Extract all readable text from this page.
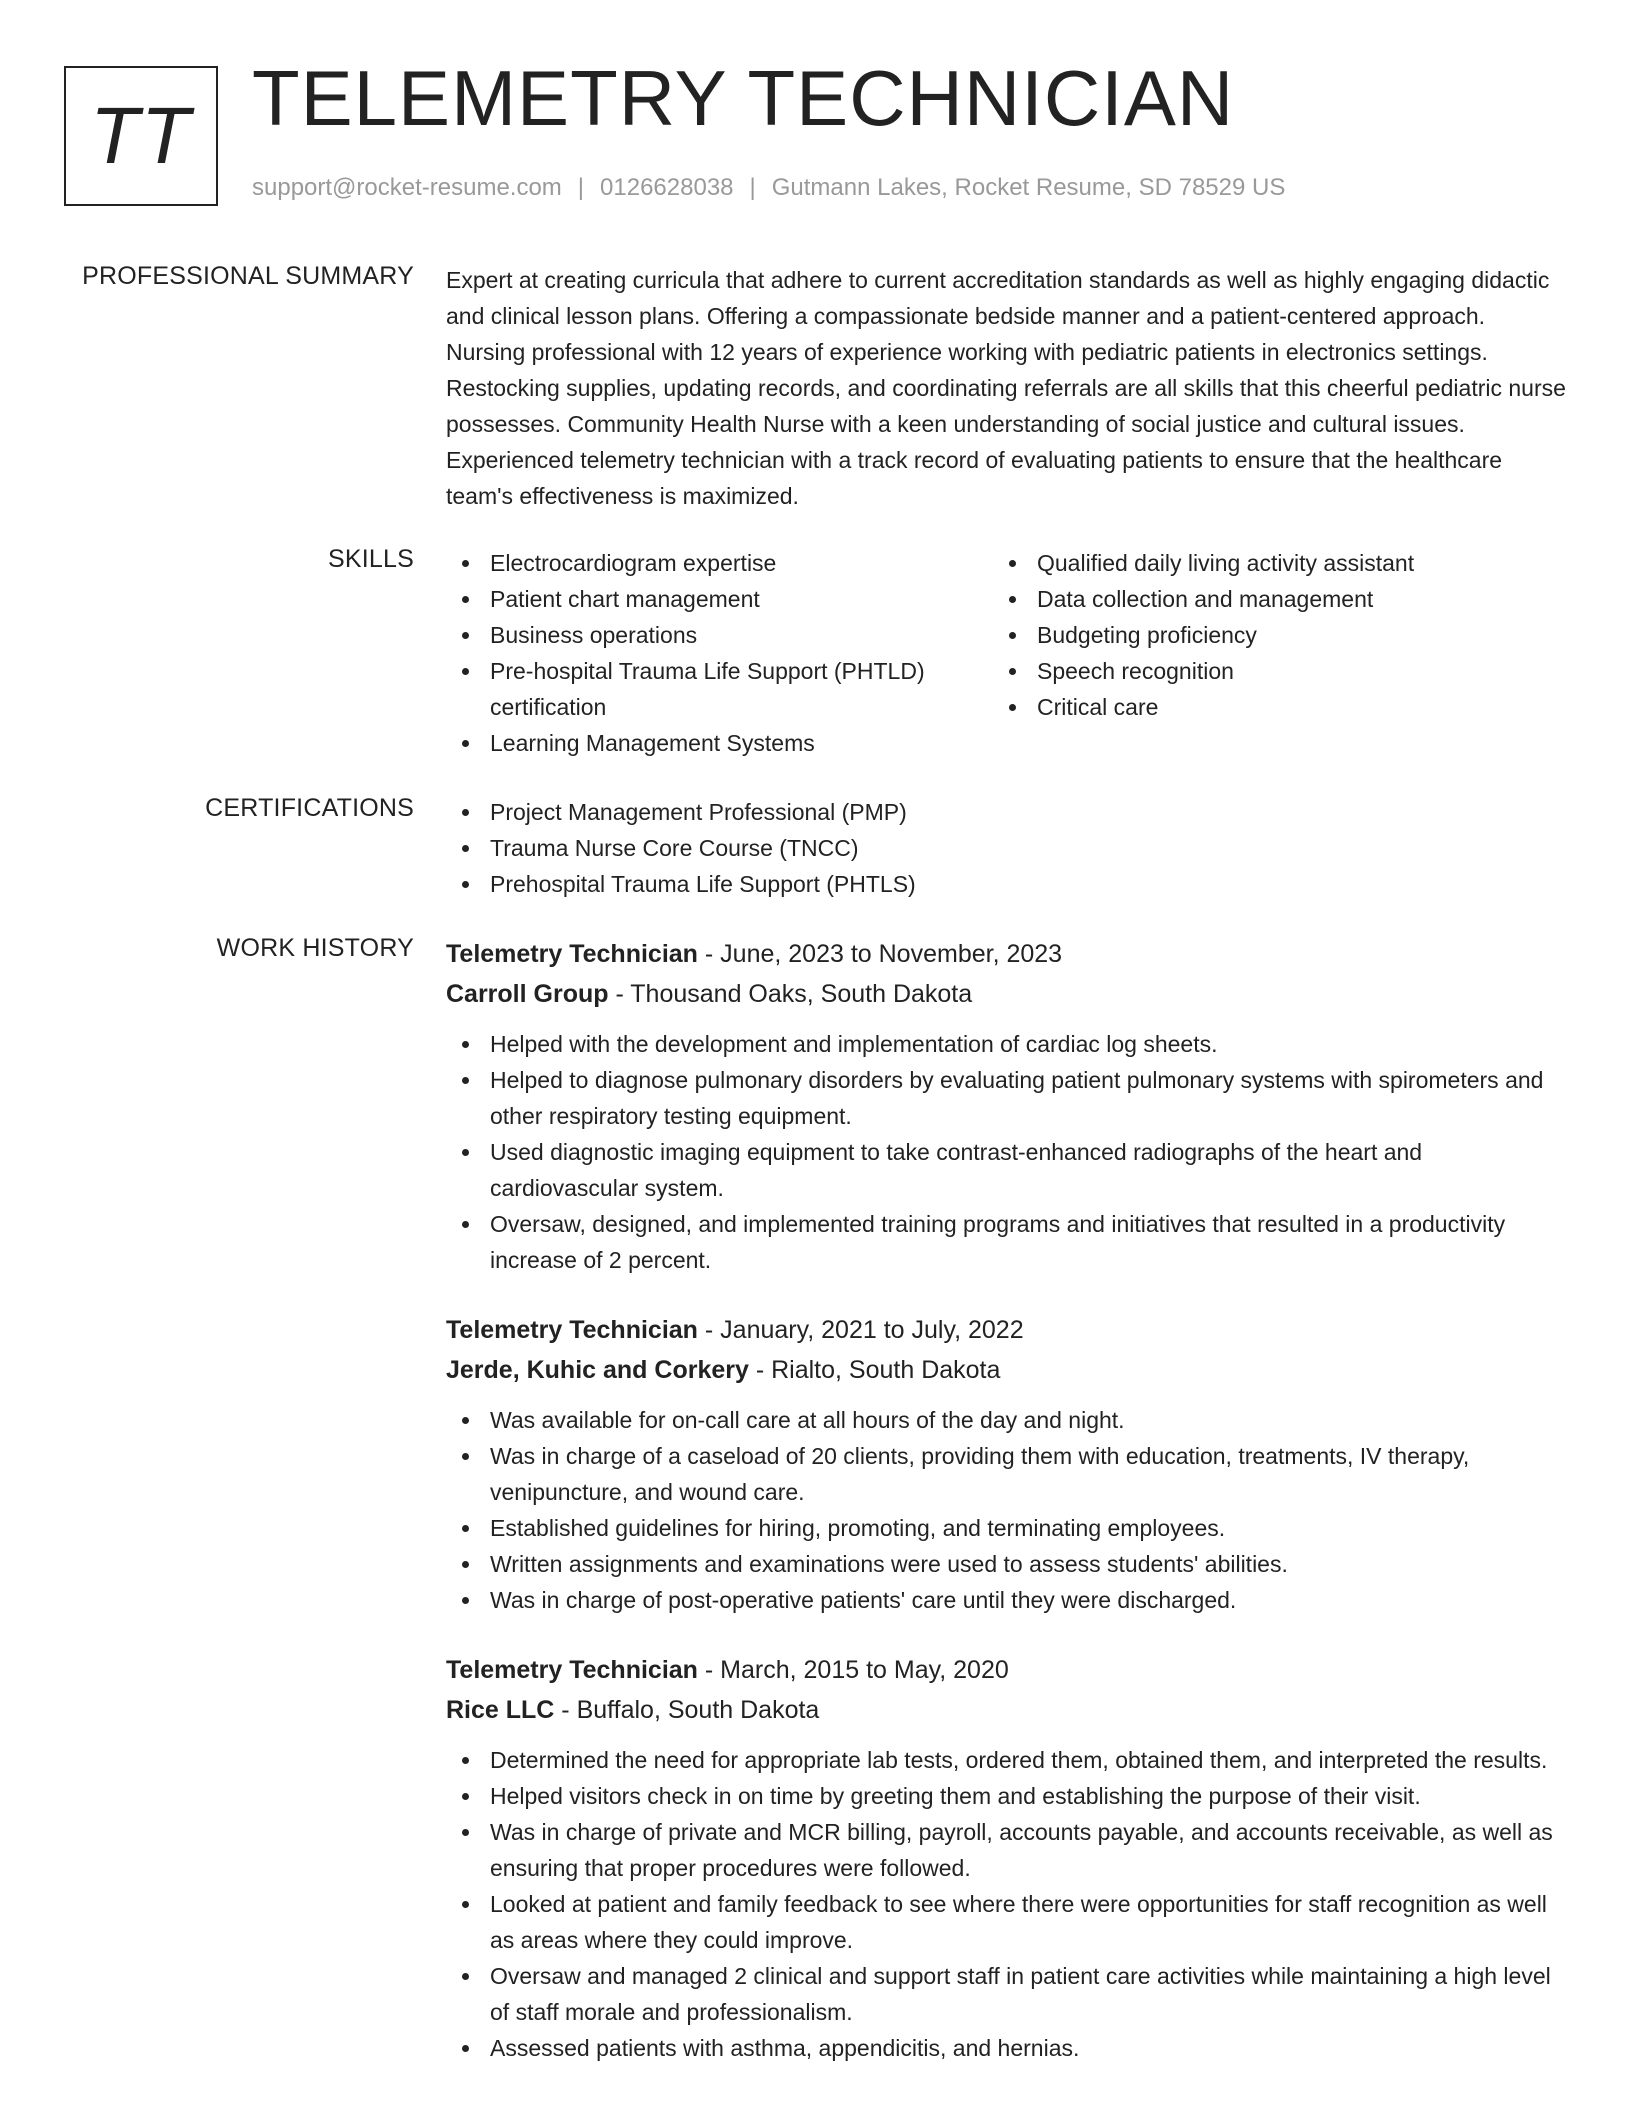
TT TELEMETRY TECHNICIAN
support@rocket-resume.com | 0126628038 | Gutmann Lakes, Rocket Resume, SD 78529 US
PROFESSIONAL SUMMARY Expert at creating curricula that adhere to current accreditation standards as well as highly engaging didactic and clinical lesson plans. Offering a compassionate bedside manner and a patient-centered approach. Nursing professional with 12 years of experience working with pediatric patients in electronics settings. Restocking supplies, updating records, and coordinating referrals are all skills that this cheerful pediatric nurse possesses. Community Health Nurse with a keen understanding of social justice and cultural issues. Experienced telemetry technician with a track record of evaluating patients to ensure that the healthcare team's effectiveness is maximized.

SKILLS	Electrocardiogram expertise
Patient chart management
Business operations
Pre-hospital Trauma Life Support (PHTLD) certification
Learning Management Systems
Qualified daily living activity assistant
Data collection and management
Budgeting proficiency
Speech recognition
Critical care
CERTIFICATIONS	Project Management Professional (PMP)
Trauma Nurse Core Course (TNCC)
Prehospital Trauma Life Support (PHTLS)
WORK HISTORY Telemetry Technician - June, 2023 to November, 2023
Carroll Group - Thousand Oaks, South Dakota
Helped with the development and implementation of cardiac log sheets.
Helped to diagnose pulmonary disorders by evaluating patient pulmonary systems with spirometers and other respiratory testing equipment.
Used diagnostic imaging equipment to take contrast-enhanced radiographs of the heart and cardiovascular system.
Oversaw, designed, and implemented training programs and initiatives that resulted in a productivity increase of 2 percent.
Telemetry Technician - January, 2021 to July, 2022
Jerde, Kuhic and Corkery - Rialto, South Dakota
Was available for on-call care at all hours of the day and night.
Was in charge of a caseload of 20 clients, providing them with education, treatments, IV therapy, venipuncture, and wound care.
Established guidelines for hiring, promoting, and terminating employees.
Written assignments and examinations were used to assess students' abilities.
Was in charge of post-operative patients' care until they were discharged.
Telemetry Technician - March, 2015 to May, 2020
Rice LLC - Buffalo, South Dakota
Determined the need for appropriate lab tests, ordered them, obtained them, and interpreted the results.
Helped visitors check in on time by greeting them and establishing the purpose of their visit.
Was in charge of private and MCR billing, payroll, accounts payable, and accounts receivable, as well as ensuring that proper procedures were followed.
Looked at patient and family feedback to see where there were opportunities for staff recognition as well as areas where they could improve.
Oversaw and managed 2 clinical and support staff in patient care activities while maintaining a high level of staff morale and professionalism.
Assessed patients with asthma, appendicitis, and hernias.
